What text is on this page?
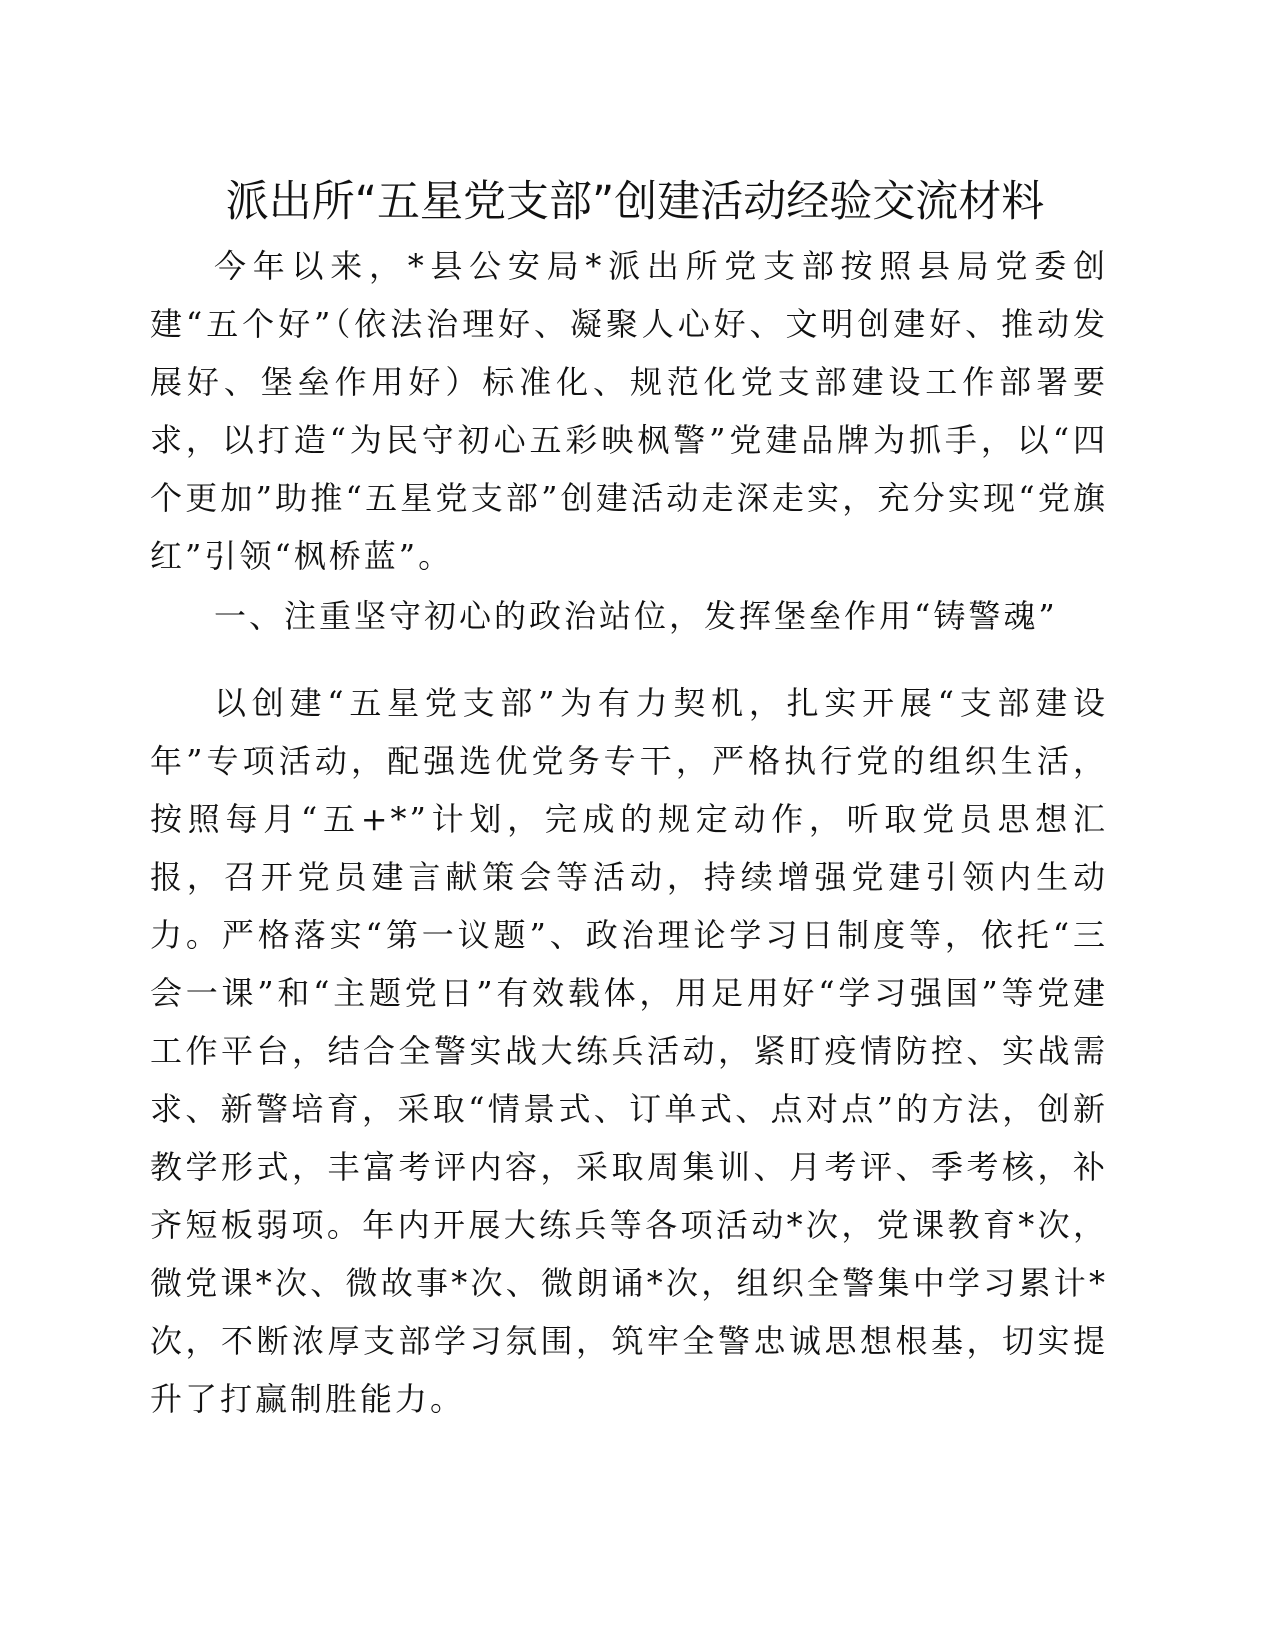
派出所“五星党支部”创建活动经验交流材料

今年以来，*县公安局*派出所党支部按照县局党委创建“五个好”（依法治理好、凝聚人心好、文明创建好、推动发展好、堡垒作用好）标准化、规范化党支部建设工作部署要求，以打造“为民守初心五彩映枫警”党建品牌为抓手，以“四个更加”助推“五星党支部”创建活动走深走实，充分实现“党旗红”引领“枫桥蓝”。

一、注重坚守初心的政治站位，发挥堡垒作用“铸警魂”

以创建“五星党支部”为有力契机，扎实开展“支部建设年”专项活动，配强选优党务专干，严格执行党的组织生活，按照每月“五+*”计划，完成的规定动作，听取党员思想汇报，召开党员建言献策会等活动，持续增强党建引领内生动力。严格落实“第一议题”、政治理论学习日制度等，依托“三会一课”和“主题党日”有效载体，用足用好“学习强国”等党建工作平台，结合全警实战大练兵活动，紧盯疫情防控、实战需求、新警培育，采取“情景式、订单式、点对点”的方法，创新教学形式，丰富考评内容，采取周集训、月考评、季考核，补齐短板弱项。年内开展大练兵等各项活动*次，党课教育*次，微党课*次、微故事*次、微朗诵*次，组织全警集中学习累计*次，不断浓厚支部学习氛围，筑牢全警忠诚思想根基，切实提升了打赢制胜能力。
